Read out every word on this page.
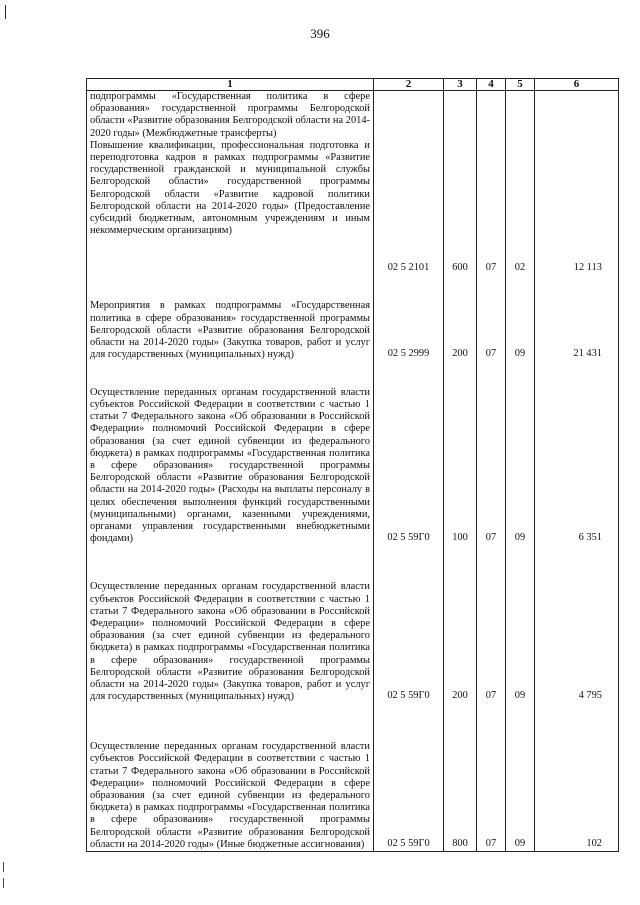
396
1	2	3	4	5	6

подпрограммы «Государственная политика в сфере образования» государственной программы Белгородской области «Развитие образования Белгородской области на 2014-2020 годы» (Межбюджетные трансферты)

Повышение квалификации, профессиональная подготовка и переподготовка кадров в рамках подпрограммы «Развитие государственной гражданской и муниципальной службы Белгородской области» государственной программы Белгородской области «Развитие кадровой политики Белгородской области на 2014-2020 годы» (Предоставление субсидий бюджетным, автономным учреждениям и иным некоммерческим организациям)	02 5 2101	600	07	02	12 113

Мероприятия в рамках подпрограммы «Государственная политика в сфере образования» государственной программы Белгородской области «Развитие образования Белгородской области на 2014-2020 годы» (Закупка товаров, работ и услуг для государственных (муниципальных) нужд)	02 5 2999	200	07	09	21 431

Осуществление переданных органам государственной власти субъектов Российской Федерации в соответствии с частью 1 статьи 7 Федерального закона «Об образовании в Российской Федерации» полномочий Российской Федерации в сфере образования (за счет единой субвенции из федерального бюджета) в рамках подпрограммы «Государственная политика в сфере образования» государственной программы Белгородской области «Развитие образования Белгородской области на 2014-2020 годы» (Расходы на выплаты персоналу в целях обеспечения выполнения функций государственными (муниципальными) органами, казенными учреждениями, органами управления государственными внебюджетными фондами)	02 5 59Г0	100	07	09	6 351

Осуществление переданных органам государственной власти субъектов Российской Федерации в соответствии с частью 1 статьи 7 Федерального закона «Об образовании в Российской Федерации» полномочий Российской Федерации в сфере образования (за счет единой субвенции из федерального бюджета) в рамках подпрограммы «Государственная политика в сфере образования» государственной программы Белгородской области «Развитие образования Белгородской области на 2014-2020 годы» (Закупка товаров, работ и услуг для государственных (муниципальных) нужд)	02 5 59Г0	200	07	09	4 795

Осуществление переданных органам государственной власти субъектов Российской Федерации в соответствии с частью 1 статьи 7 Федерального закона «Об образовании в Российской Федерации» полномочий Российской Федерации в сфере образования (за счет единой субвенции из федерального бюджета) в рамках подпрограммы «Государственная политика в сфере образования» государственной программы Белгородской области «Развитие образования Белгородской области на 2014-2020 годы» (Иные бюджетные ассигнования)	02 5 59Г0	800	07	09	102
